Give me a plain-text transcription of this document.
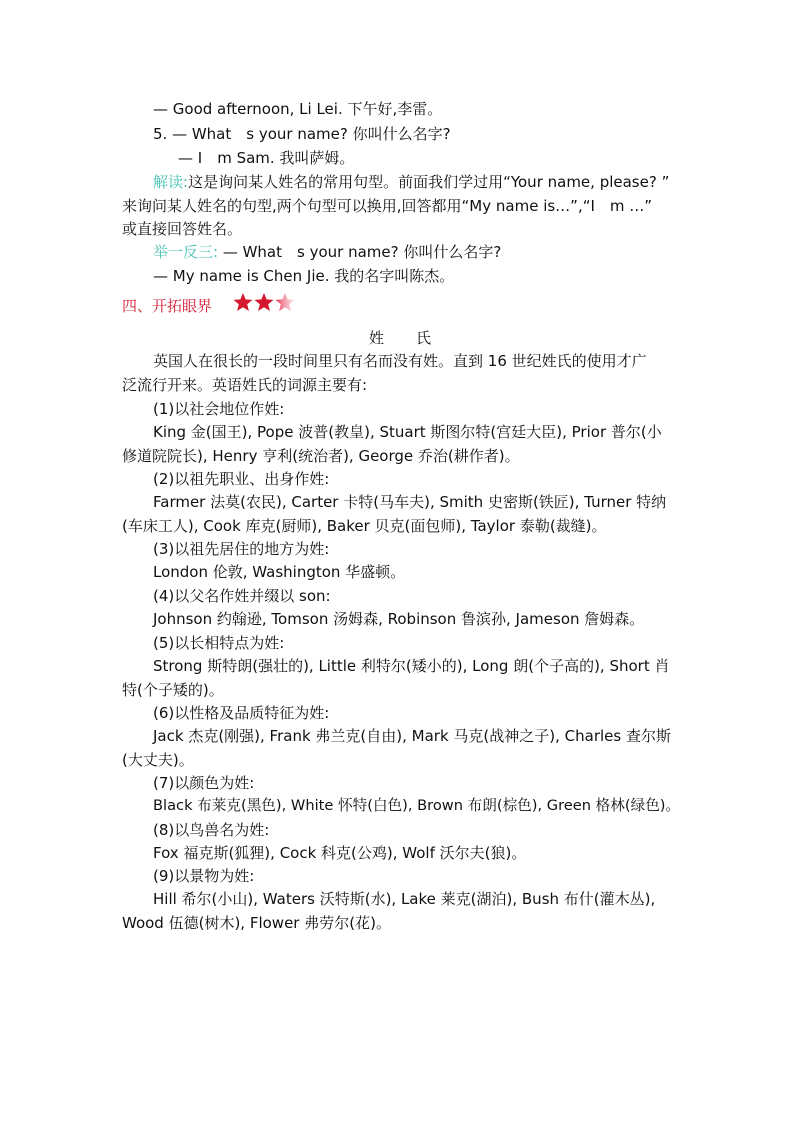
— Good afternoon, Li Lei. 下午好,李雷。
5. — What　s your name? 你叫什么名字?
— I　m Sam. 我叫萨姆。
解读:这是询问某人姓名的常用句型。前面我们学过用“Your name, please? ”
来询问某人姓名的句型,两个句型可以换用,回答都用“My name is…”,“I　m …”
或直接回答姓名。
举一反三: — What　s your name? 你叫什么名字?
— My name is Chen Jie. 我的名字叫陈杰。
四、开拓眼界
姓 氏
英国人在很长的一段时间里只有名而没有姓。直到 16 世纪姓氏的使用才广
泛流行开来。英语姓氏的词源主要有:
(1)以社会地位作姓:
King 金(国王), Pope 波普(教皇), Stuart 斯图尔特(宫廷大臣), Prior 普尔(小
修道院院长), Henry 亨利(统治者), George 乔治(耕作者)。
(2)以祖先职业、出身作姓:
Farmer 法莫(农民), Carter 卡特(马车夫), Smith 史密斯(铁匠), Turner 特纳
(车床工人), Cook 库克(厨师), Baker 贝克(面包师), Taylor 泰勒(裁缝)。
(3)以祖先居住的地方为姓:
London 伦敦, Washington 华盛顿。
(4)以父名作姓并缀以 son:
Johnson 约翰逊, Tomson 汤姆森, Robinson 鲁滨孙, Jameson 詹姆森。
(5)以长相特点为姓:
Strong 斯特朗(强壮的), Little 利特尔(矮小的), Long 朗(个子高的), Short 肖
特(个子矮的)。
(6)以性格及品质特征为姓:
Jack 杰克(刚强), Frank 弗兰克(自由), Mark 马克(战神之子), Charles 查尔斯
(大丈夫)。
(7)以颜色为姓:
Black 布莱克(黑色), White 怀特(白色), Brown 布朗(棕色), Green 格林(绿色)。
(8)以鸟兽名为姓:
Fox 福克斯(狐狸), Cock 科克(公鸡), Wolf 沃尔夫(狼)。
(9)以景物为姓:
Hill 希尔(小山), Waters 沃特斯(水), Lake 莱克(湖泊), Bush 布什(灌木丛),
Wood 伍德(树木), Flower 弗劳尔(花)。
